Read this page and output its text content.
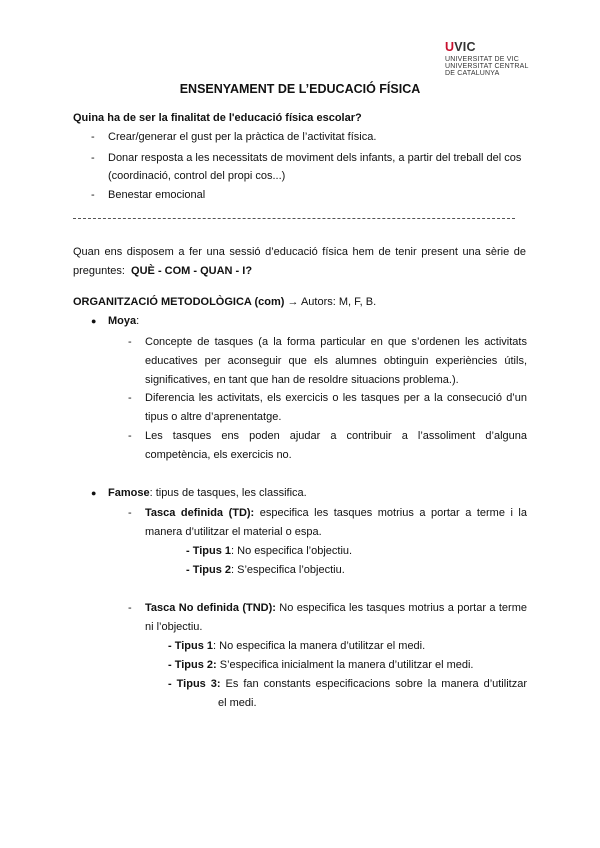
UVIC
UNIVERSITAT DE VIC
UNIVERSITAT CENTRAL
DE CATALUNYA
ENSENYAMENT DE L’EDUCACIÓ FÍSICA
Quina ha de ser la finalitat de l'educació física escolar?
- Crear/generar el gust per la pràctica de l’activitat física.
- Donar resposta a les necessitats de moviment dels infants, a partir del treball del cos
(coordinació, control del propi cos...)
- Benestar emocional
Quan ens disposem a fer una sessió d’educació física hem de tenir present una sèrie de
preguntes: QUÈ - COM - QUAN - I?
ORGANITZACIÓ METODOLÒGICA (com) → Autors: M, F, B.
● Moya:
- Concepte de tasques (a la forma particular en que s’ordenen les activitats
educatives per aconseguir que els alumnes obtinguin experiències útils,
significatives, en tant que han de resoldre situacions problema.).
- Diferencia les activitats, els exercicis o les tasques per a la consecució d’un
tipus o altre d’aprenentatge.
- Les tasques ens poden ajudar a contribuir a l’assoliment d’alguna
competència, els exercicis no.
● Famose: tipus de tasques, les classifica.
- Tasca definida (TD): especifica les tasques motrius a portar a terme i la
manera d’utilitzar el material o espa.
- Tipus 1: No especifica l’objectiu.
- Tipus 2: S’especifica l’objectiu.
- Tasca No definida (TND): No especifica les tasques motrius a portar a terme
ni l’objectiu.
- Tipus 1: No especifica la manera d’utilitzar el medi.
- Tipus 2: S’especifica inicialment la manera d’utilitzar el medi.
- Tipus 3: Es fan constants especificacions sobre la manera d’utilitzar
el medi.
